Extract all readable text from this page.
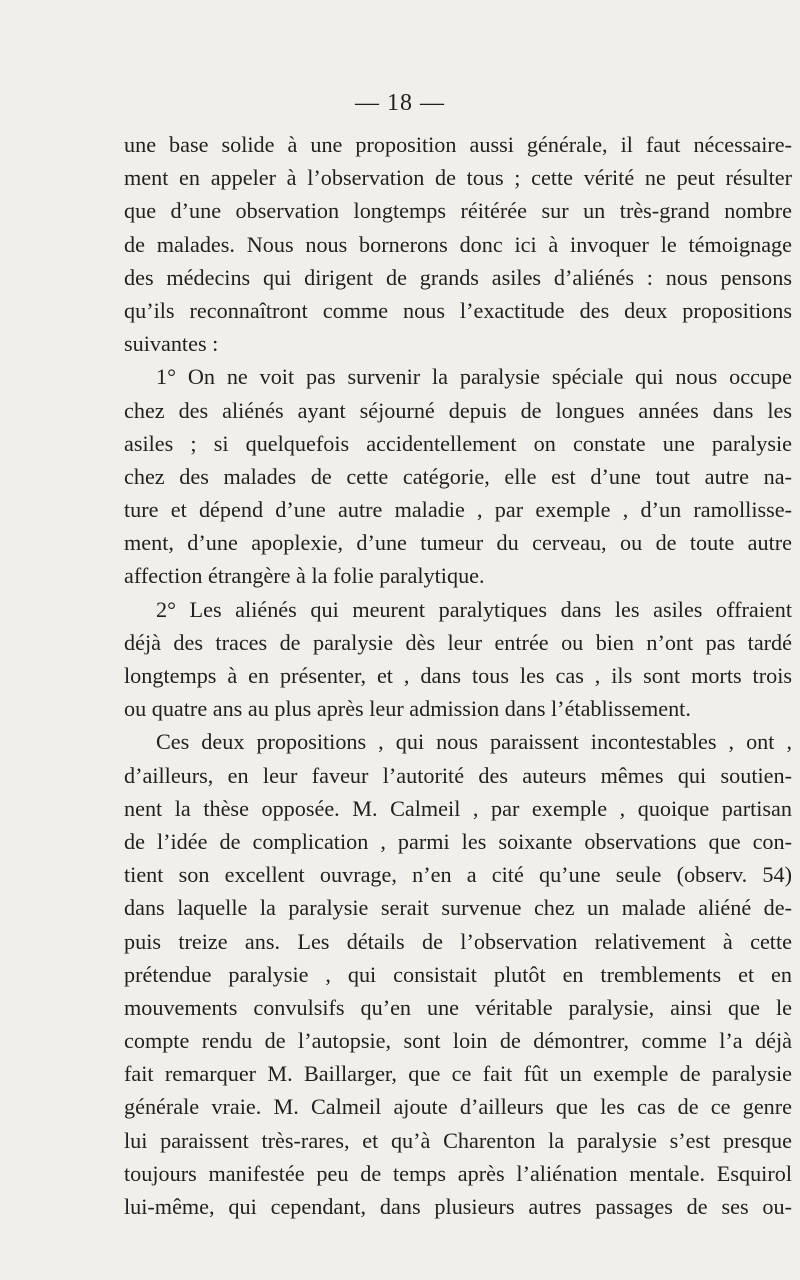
— 18 —
une base solide à une proposition aussi générale, il faut nécessaire-
ment en appeler à l’observation de tous ; cette vérité ne peut résulter
que d’une observation longtemps réitérée sur un très-grand nombre
de malades. Nous nous bornerons donc ici à invoquer le témoignage
des médecins qui dirigent de grands asiles d’aliénés : nous pensons
qu’ils reconnaîtront comme nous l’exactitude des deux propositions
suivantes :
1° On ne voit pas survenir la paralysie spéciale qui nous occupe
chez des aliénés ayant séjourné depuis de longues années dans les
asiles ; si quelquefois accidentellement on constate une paralysie
chez des malades de cette catégorie, elle est d’une tout autre na-
ture et dépend d’une autre maladie , par exemple , d’un ramollisse-
ment, d’une apoplexie, d’une tumeur du cerveau, ou de toute autre
affection étrangère à la folie paralytique.
2° Les aliénés qui meurent paralytiques dans les asiles offraient
déjà des traces de paralysie dès leur entrée ou bien n’ont pas tardé
longtemps à en présenter, et , dans tous les cas , ils sont morts trois
ou quatre ans au plus après leur admission dans l’établissement.
Ces deux propositions , qui nous paraissent incontestables , ont ,
d’ailleurs, en leur faveur l’autorité des auteurs mêmes qui soutien-
nent la thèse opposée. M. Calmeil , par exemple , quoique partisan
de l’idée de complication , parmi les soixante observations que con-
tient son excellent ouvrage, n’en a cité qu’une seule (observ. 54)
dans laquelle la paralysie serait survenue chez un malade aliéné de-
puis treize ans. Les détails de l’observation relativement à cette
prétendue paralysie , qui consistait plutôt en tremblements et en
mouvements convulsifs qu’en une véritable paralysie, ainsi que le
compte rendu de l’autopsie, sont loin de démontrer, comme l’a déjà
fait remarquer M. Baillarger, que ce fait fût un exemple de paralysie
générale vraie. M. Calmeil ajoute d’ailleurs que les cas de ce genre
lui paraissent très-rares, et qu’à Charenton la paralysie s’est presque
toujours manifestée peu de temps après l’aliénation mentale. Esquirol
lui-même, qui cependant, dans plusieurs autres passages de ses ou-
